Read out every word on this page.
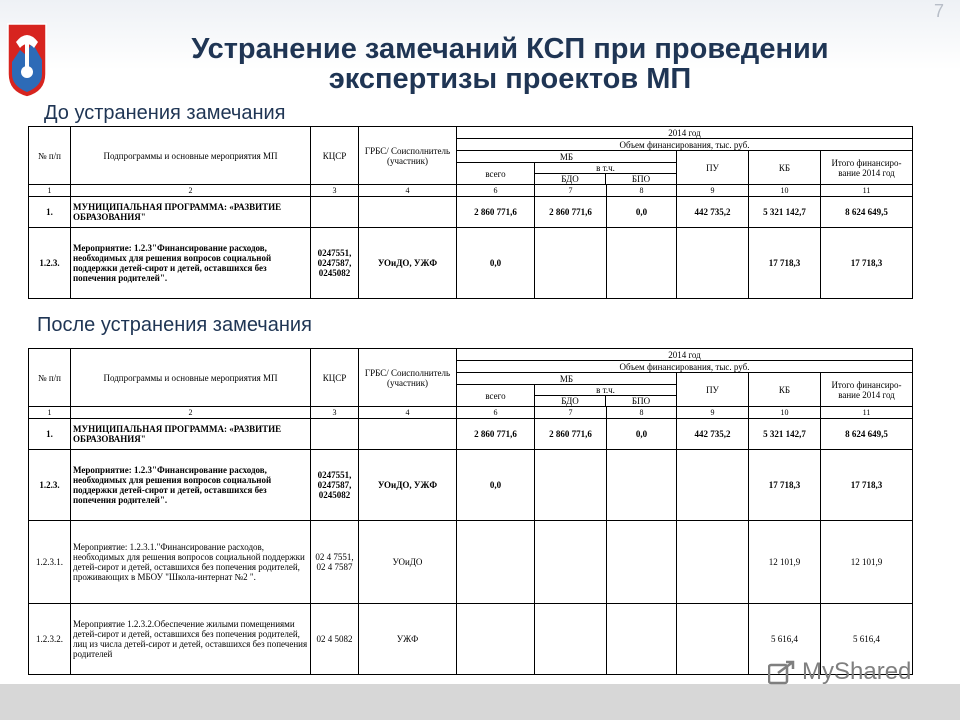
7
Устранение замечаний КСП при проведении
экспертизы проектов МП
До устранения замечания
№ п/п	Подпрограммы и основные мероприятия МП	КЦСР	ГРБС/ Соисполнитель (участник)	2014 год					
				Объем финансирования, тыс. руб.					
				МБ			ПУ	КБ	Итого финансиро-вание 2014 год
				всего	в т.ч.
БДО БПО				

1	2	3	4	6	7	8	9	10	11
1.	МУНИЦИПАЛЬНАЯ ПРОГРАММА: «РАЗВИТИЕ ОБРАЗОВАНИЯ"			2 860 771,6	2 860 771,6	0,0	442 735,2	5 321 142,7	8 624 649,5
1.2.3.	Мероприятие: 1.2.3"Финансирование расходов, необходимых для решения вопросов социальной поддержки детей-сирот и детей, оставшихся без попечения родителей".	0247551, 0247587, 0245082	УОиДО, УЖФ	0,0				17 718,3	17 718,3
После устранения замечания
№ п/п	Подпрограммы и основные мероприятия МП	КЦСР	ГРБС/ Соисполнитель (участник)	2014 год					
				Объем финансирования, тыс. руб.					
				МБ			ПУ	КБ	Итого финансиро-вание 2014 год
				всего	в т.ч.
БДО БПО				

1	2	3	4	6	7	8	9	10	11
1.	МУНИЦИПАЛЬНАЯ ПРОГРАММА: «РАЗВИТИЕ ОБРАЗОВАНИЯ"			2 860 771,6	2 860 771,6	0,0	442 735,2	5 321 142,7	8 624 649,5
1.2.3.	Мероприятие: 1.2.3"Финансирование расходов, необходимых для решения вопросов социальной поддержки детей-сирот и детей, оставшихся без попечения родителей".	0247551, 0247587, 0245082	УОиДО, УЖФ	0,0				17 718,3	17 718,3
1.2.3.1.	Мероприятие: 1.2.3.1."Финансирование расходов, необходимых для решения вопросов социальной поддержки детей-сирот и детей, оставшихся без попечения родителей, проживающих в МБОУ "Школа-интернат №2 ".	02 4 7551, 02 4 7587	УОиДО					12 101,9	12 101,9
1.2.3.2.	Мероприятие 1.2.3.2.Обеспечение жилыми помещениями детей-сирот и детей, оставшихся без попечения родителей, лиц из числа детей-сирот и детей, оставшихся без попечения родителей	02 4 5082	УЖФ					5 616,4	5 616,4
MyShared
